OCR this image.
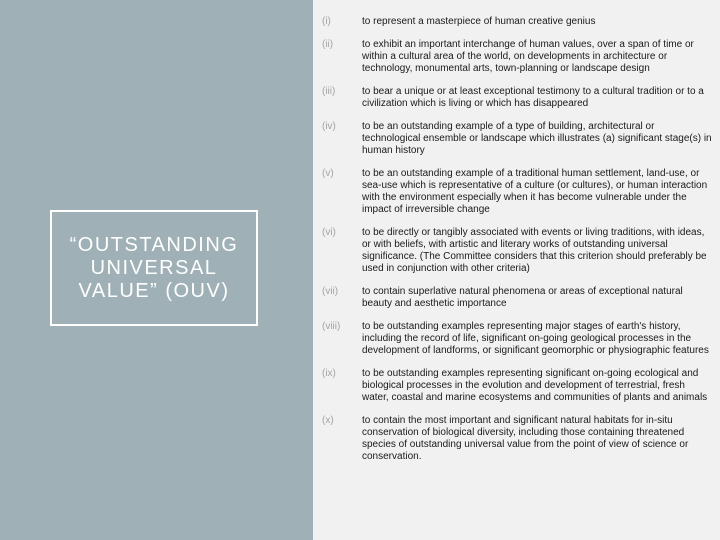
“OUTSTANDING UNIVERSAL VALUE” (OUV)
(i)	to represent a masterpiece of human creative genius
(ii)	to exhibit an important interchange of human values, over a span of time or within a cultural area of the world, on developments in architecture or technology, monumental arts, town-planning or landscape design
(iii)	to bear a unique or at least exceptional testimony to a cultural tradition or to a civilization which is living or which has disappeared
(iv)	to be an outstanding example of a type of building, architectural or technological ensemble or landscape which illustrates (a) significant stage(s) in human history
(v)	to be an outstanding example of a traditional human settlement, land-use, or sea-use which is representative of a culture (or cultures), or human interaction with the environment especially when it has become vulnerable under the impact of irreversible change
(vi)	to be directly or tangibly associated with events or living traditions, with ideas, or with beliefs, with artistic and literary works of outstanding universal significance. (The Committee considers that this criterion should preferably be used in conjunction with other criteria)
(vii)	to contain superlative natural phenomena or areas of exceptional natural beauty and aesthetic importance
(viii)	to be outstanding examples representing major stages of earth's history, including the record of life, significant on-going geological processes in the development of landforms, or significant geomorphic or physiographic features
(ix)	to be outstanding examples representing significant on-going ecological and biological processes in the evolution and development of terrestrial, fresh water, coastal and marine ecosystems and communities of plants and animals
(x)	to contain the most important and significant natural habitats for in-situ conservation of biological diversity, including those containing threatened species of outstanding universal value from the point of view of science or conservation.
